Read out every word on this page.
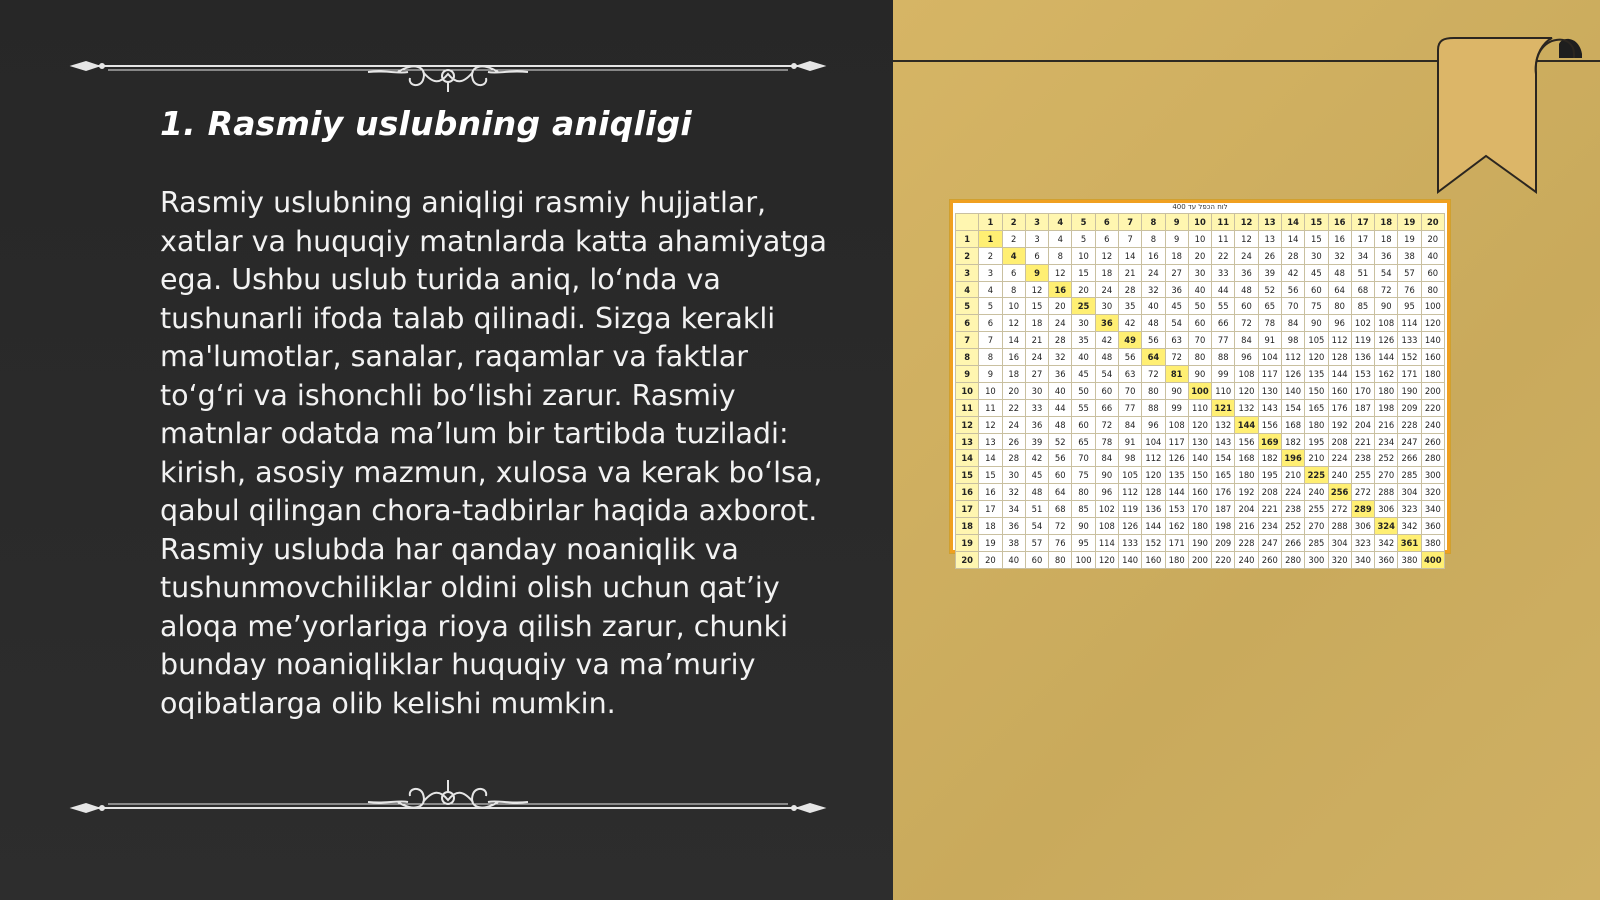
1. Rasmiy uslubning aniqligi

Rasmiy uslubning aniqligi rasmiy hujjatlar, xatlar va huquqiy matnlarda katta ahamiyatga ega. Ushbu uslub turida aniq, lo‘nda va tushunarli ifoda talab qilinadi. Sizga kerakli ma'lumotlar, sanalar, raqamlar va faktlar to‘g‘ri va ishonchli bo‘lishi zarur. Rasmiy matnlar odatda ma’lum bir tartibda tuziladi: kirish, asosiy mazmun, xulosa va kerak bo‘lsa, qabul qilingan chora-tadbirlar haqida axborot. Rasmiy uslubda har qanday noaniqlik va tushunmovchiliklar oldini olish uchun qat’iy aloqa me’yorlariga rioya qilish zarur, chunki bunday noaniqliklar huquqiy va ma’muriy oqibatlarga olib kelishi mumkin.

לוח הכפל עד 400
	1	2	3	4	5	6	7	8	9	10	11	12	13	14	15	16	17	18	19	20
1	1	2	3	4	5	6	7	8	9	10	11	12	13	14	15	16	17	18	19	20
2	2	4	6	8	10	12	14	16	18	20	22	24	26	28	30	32	34	36	38	40
3	3	6	9	12	15	18	21	24	27	30	33	36	39	42	45	48	51	54	57	60
4	4	8	12	16	20	24	28	32	36	40	44	48	52	56	60	64	68	72	76	80
5	5	10	15	20	25	30	35	40	45	50	55	60	65	70	75	80	85	90	95	100
6	6	12	18	24	30	36	42	48	54	60	66	72	78	84	90	96	102	108	114	120
7	7	14	21	28	35	42	49	56	63	70	77	84	91	98	105	112	119	126	133	140
8	8	16	24	32	40	48	56	64	72	80	88	96	104	112	120	128	136	144	152	160
9	9	18	27	36	45	54	63	72	81	90	99	108	117	126	135	144	153	162	171	180
10	10	20	30	40	50	60	70	80	90	100	110	120	130	140	150	160	170	180	190	200
11	11	22	33	44	55	66	77	88	99	110	121	132	143	154	165	176	187	198	209	220
12	12	24	36	48	60	72	84	96	108	120	132	144	156	168	180	192	204	216	228	240
13	13	26	39	52	65	78	91	104	117	130	143	156	169	182	195	208	221	234	247	260
14	14	28	42	56	70	84	98	112	126	140	154	168	182	196	210	224	238	252	266	280
15	15	30	45	60	75	90	105	120	135	150	165	180	195	210	225	240	255	270	285	300
16	16	32	48	64	80	96	112	128	144	160	176	192	208	224	240	256	272	288	304	320
17	17	34	51	68	85	102	119	136	153	170	187	204	221	238	255	272	289	306	323	340
18	18	36	54	72	90	108	126	144	162	180	198	216	234	252	270	288	306	324	342	360
19	19	38	57	76	95	114	133	152	171	190	209	228	247	266	285	304	323	342	361	380
20	20	40	60	80	100	120	140	160	180	200	220	240	260	280	300	320	340	360	380	400
